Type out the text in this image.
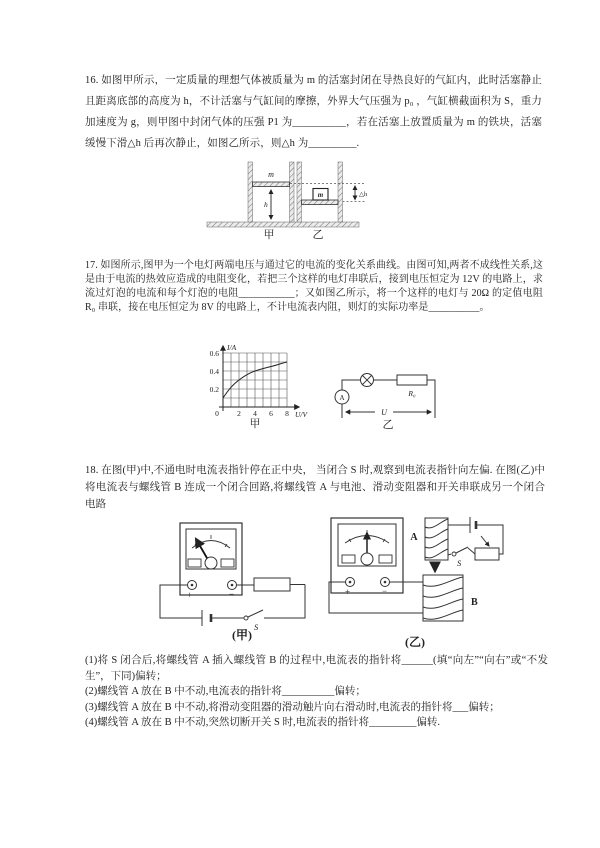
16. 如图甲所示，一定质量的理想气体被质量为 m 的活塞封闭在导热良好的气缸内，此时活塞静止且距离底部的高度为 h，不计活塞与气缸间的摩擦，外界大气压强为 p₀ ，气缸横截面积为 S，重力加速度为 g，则甲图中封闭气体的压强 P1 为__________，若在活塞上放置质量为 m 的铁块，活塞缓慢下滑△h 后再次静止，如图乙所示，则△h 为_________.
m
h
m	△h
甲	乙
17. 如图所示,图甲为一个电灯两端电压与通过它的电流的变化关系曲线。由图可知,两者不成线性关系,这是由于电流的热效应造成的电阻变化，若把三个这样的电灯串联后，接到电压恒定为 12V 的电路上，求流过灯泡的电流和每个灯泡的电阻___________；又如图乙所示，将一个这样的电灯与 20Ω 的定值电阻 R₀ 串联，接在电压恒定为 8V 的电路上，不计电流表内阻，则灯的实际功率是__________。
0.6
0.4
0.2
0 2 4 6 8
I/A
U/V
甲
R₀
A
U
乙
18. 在图(甲)中,不通电时电流表指针停在正中央， 当闭合 S 时,观察到电流表指针向左偏. 在图(乙)中将电流表与螺线管 B 连成一个闭合回路,将螺线管 A 与电池、滑动变阻器和开关串联成另一个闭合电路
+	−
S
(甲)
+	−
A
S
B
(乙)
(1)将 S 闭合后,将螺线管 A 插入螺线管 B 的过程中,电流表的指针将______(填“向左”“向右”或“不发生”，下同)偏转；
(2)螺线管 A 放在 B 中不动,电流表的指针将__________偏转；
(3)螺线管 A 放在 B 中不动,将滑动变阻器的滑动触片向右滑动时,电流表的指针将___偏转；
(4)螺线管 A 放在 B 中不动,突然切断开关 S 时,电流表的指针将_________偏转.
